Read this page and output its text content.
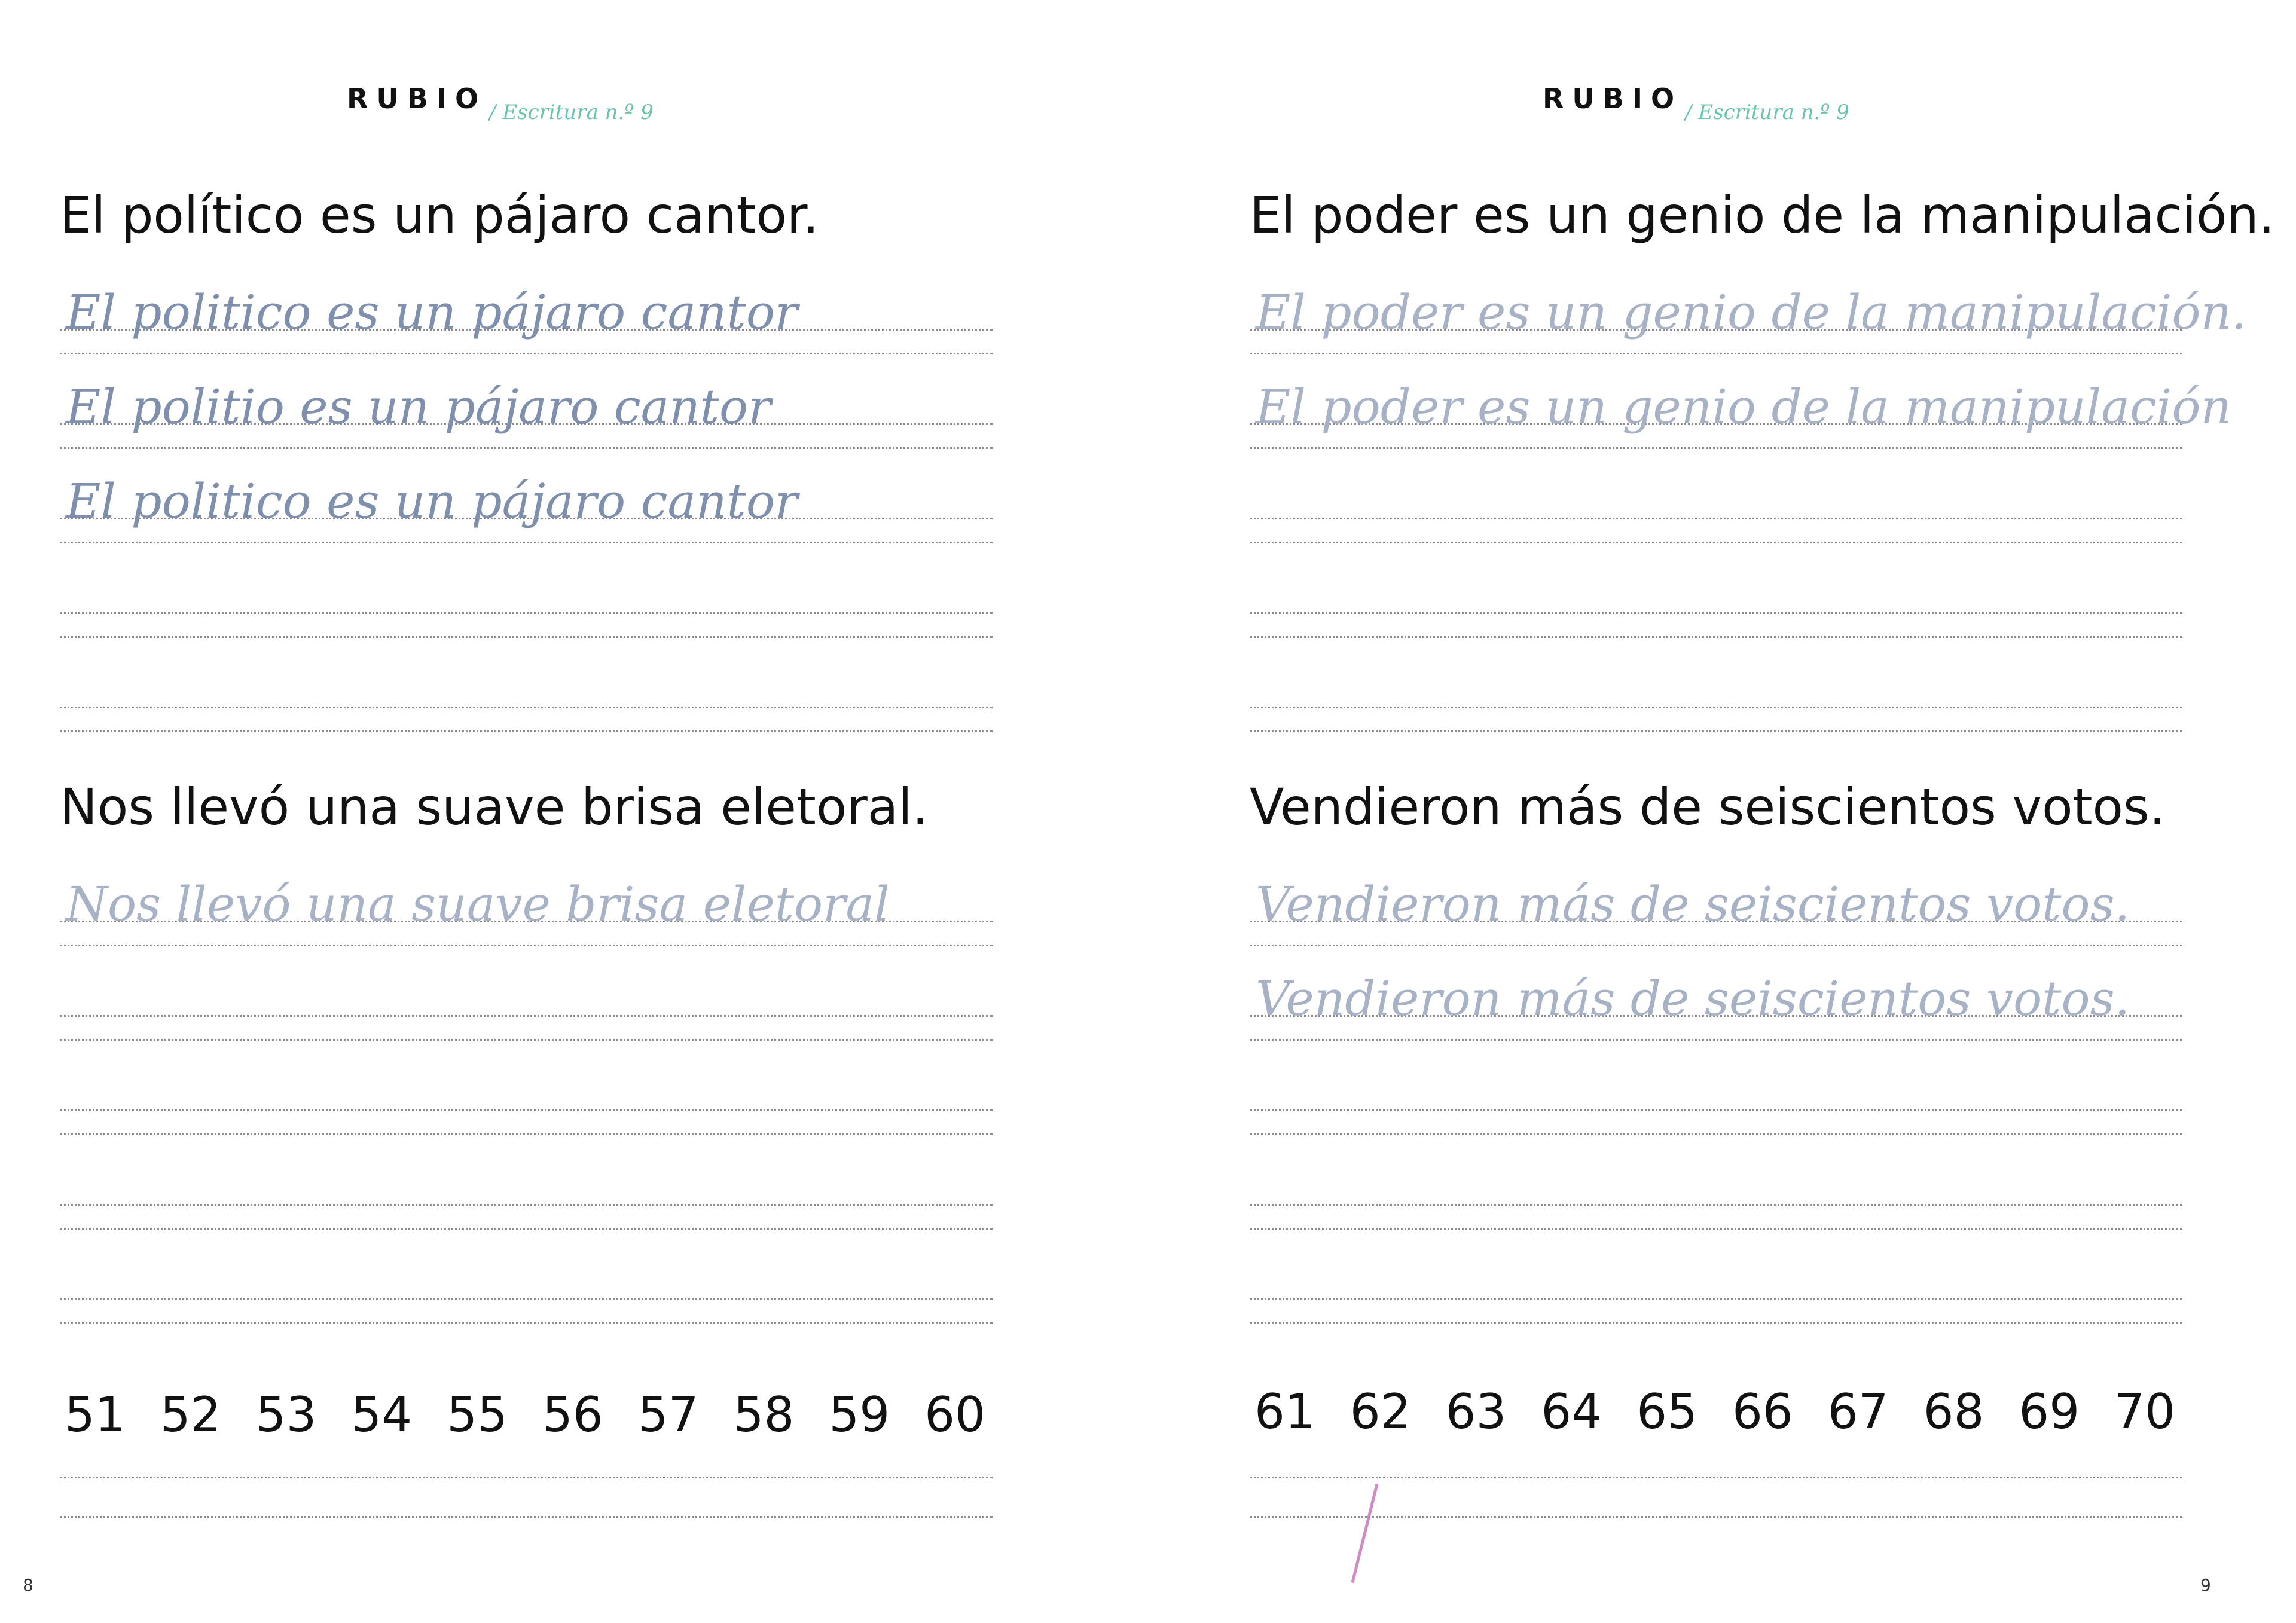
RUBIO / Escritura n.º 9
El político es un pájaro cantor.
El politico es un pájaro cantor
El politio es un pájaro cantor
El politico es un pájaro cantor
Nos llevó una suave brisa eletoral.
Nos llevó una suave brisa eletoral
51 52 53 54 55 56 57 58 59 60
8
RUBIO / Escritura n.º 9
El poder es un genio de la manipulación.
El poder es un genio de la manipulación.
El poder es un genio de la manipulación
Vendieron más de seiscientos votos.
Vendieron más de seiscientos votos.
Vendieron más de seiscientos votos.
61 62 63 64 65 66 67 68 69 70
9
